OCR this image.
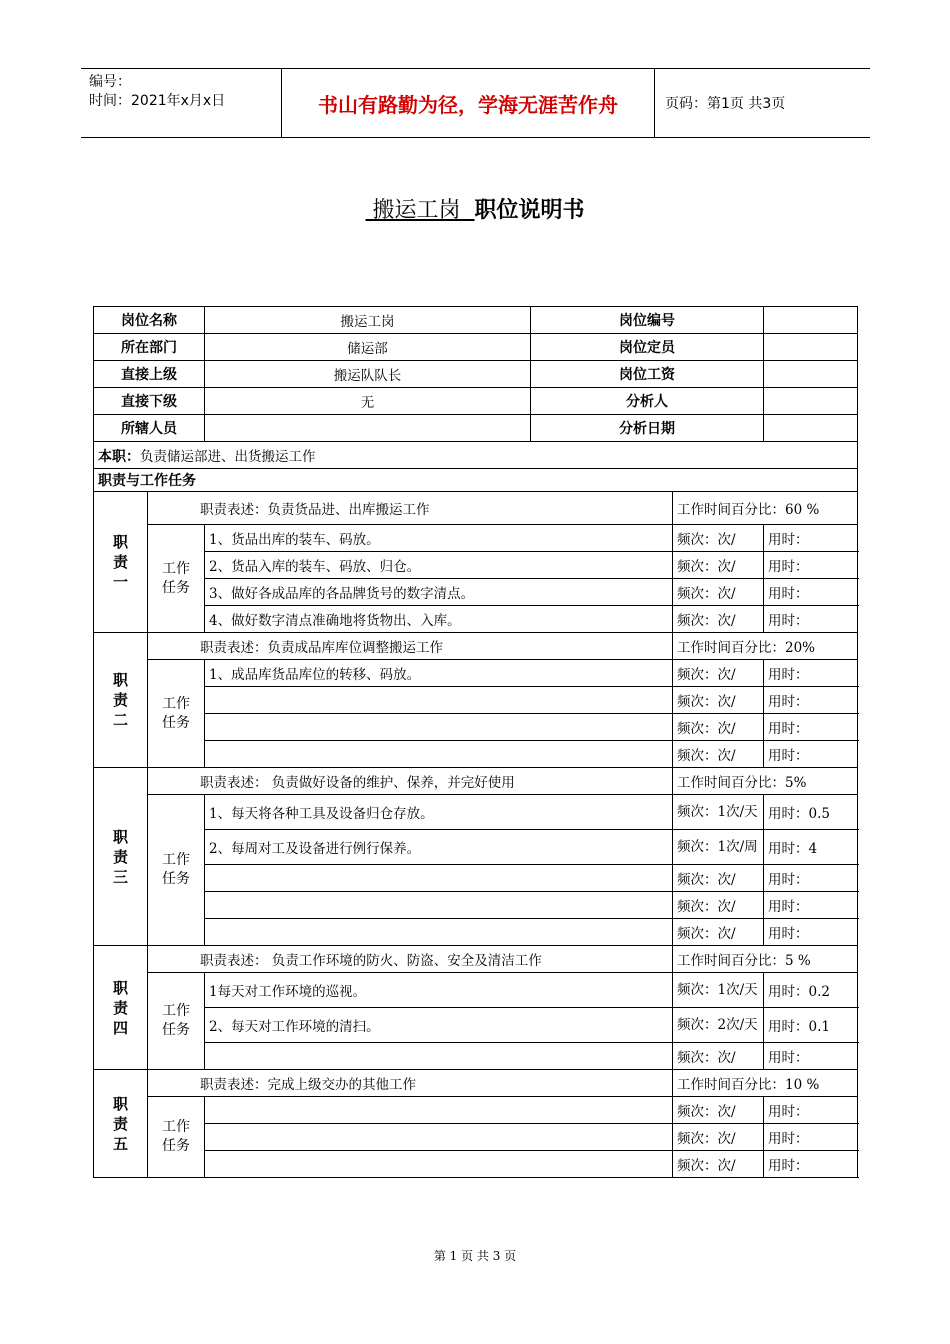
编号：
时间：2021年x月x日	书山有路勤为径，学海无涯苦作舟	页码：第1页 共3页
搬运工岗 职位说明书
岗位名称		搬运工岗	岗位编号		
所在部门		储运部	岗位定员		
直接上级		搬运队队长	岗位工资		
直接下级		无	分析人		
所辖人员			分析日期		
本职：负责储运部进、出货搬运工作					
职责与工作任务					
职责一	职责表述：负责货品进、出库搬运工作			工作时间百分比：60 %	
	工作任务	1、货品出库的装车、码放。		频次：次/	用时：
		2、货品入库的装车、码放、归仓。		频次：次/	用时：
		3、做好各成品库的各品牌货号的数字清点。		频次：次/	用时：
		4、做好数字清点准确地将货物出、入库。		频次：次/	用时：
职责二	职责表述：负责成品库库位调整搬运工作			工作时间百分比：20%	
	工作任务	1、成品库货品库位的转移、码放。		频次：次/	用时：
				频次：次/	用时：
				频次：次/	用时：
				频次：次/	用时：
职责三	职责表述： 负责做好设备的维护、保养，并完好使用			工作时间百分比：5%	
	工作任务	1、每天将各种工具及设备归仓存放。		频次：1次/天	用时：0.5
		2、每周对工及设备进行例行保养。		频次：1次/周	用时：4
				频次：次/	用时：
				频次：次/	用时：
				频次：次/	用时：
职责四	职责表述： 负责工作环境的防火、防盗、安全及清洁工作			工作时间百分比：5 %	
	工作任务	1每天对工作环境的巡视。		频次：1次/天	用时：0.2
		2、每天对工作环境的清扫。		频次：2次/天	用时：0.1
				频次：次/	用时：
职责五	职责表述：完成上级交办的其他工作			工作时间百分比：10 %	
	工作任务			频次：次/	用时：
				频次：次/	用时：
				频次：次/	用时：
第 1 页 共 3 页
